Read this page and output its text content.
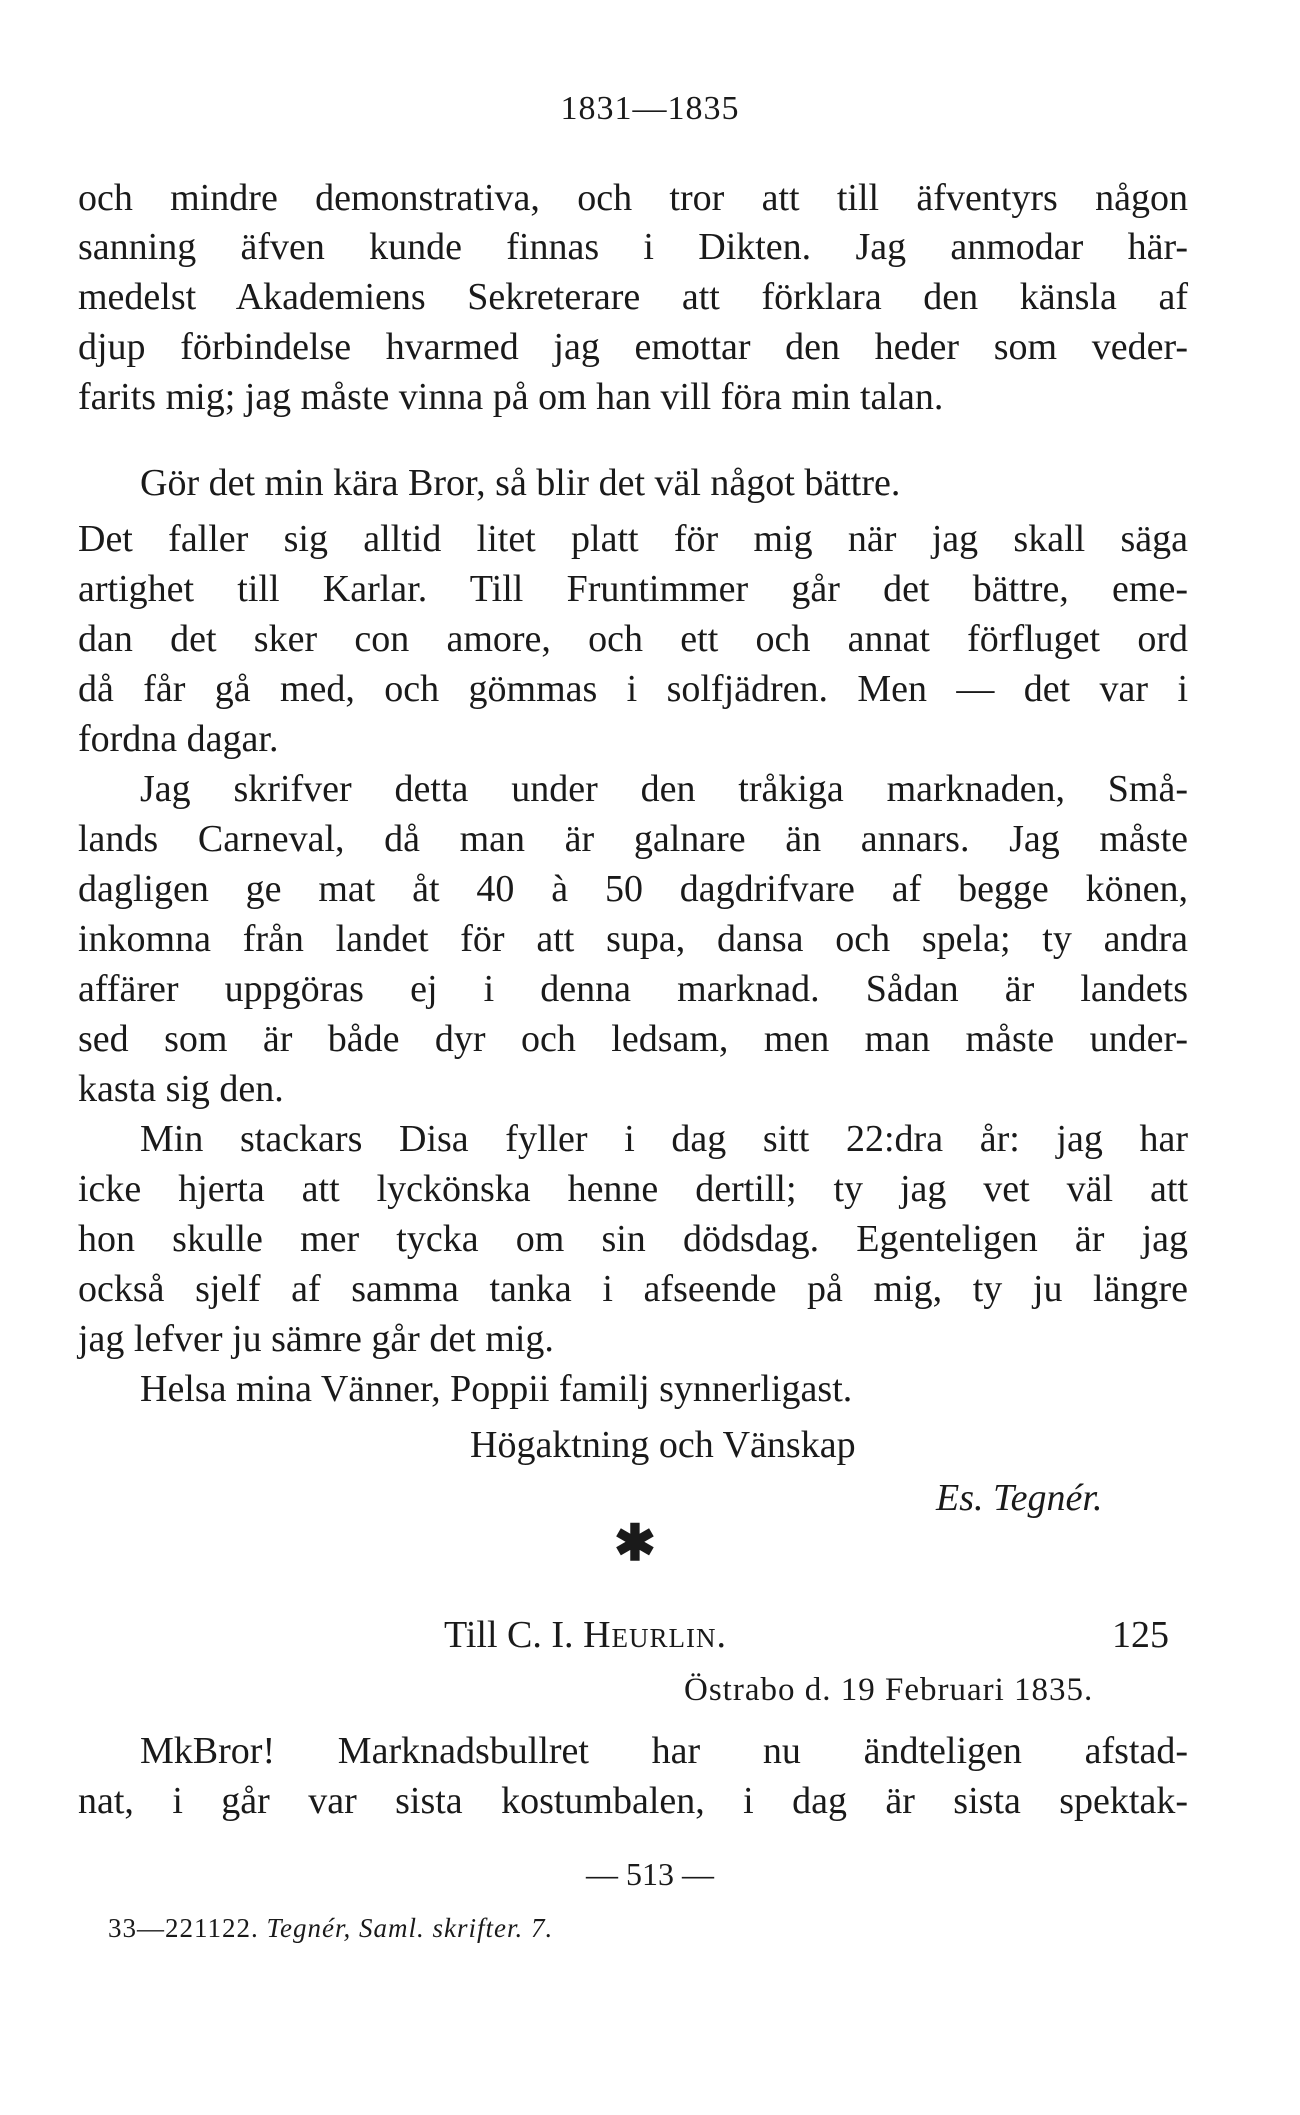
1831—1835
och mindre demonstrativa, och tror att till äfventyrs någon
sanning äfven kunde finnas i Dikten. Jag anmodar här-
medelst Akademiens Sekreterare att förklara den känsla af
djup förbindelse hvarmed jag emottar den heder som veder-
farits mig; jag måste vinna på om han vill föra min talan.
Gör det min kära Bror, så blir det väl något bättre.
Det faller sig alltid litet platt för mig när jag skall säga
artighet till Karlar. Till Fruntimmer går det bättre, eme-
dan det sker con amore, och ett och annat förfluget ord
då får gå med, och gömmas i solfjädren. Men — det var i
fordna dagar.
Jag skrifver detta under den tråkiga marknaden, Små-
lands Carneval, då man är galnare än annars. Jag måste
dagligen ge mat åt 40 à 50 dagdrifvare af begge könen,
inkomna från landet för att supa, dansa och spela; ty andra
affärer uppgöras ej i denna marknad. Sådan är landets
sed som är både dyr och ledsam, men man måste under-
kasta sig den.
Min stackars Disa fyller i dag sitt 22:dra år: jag har
icke hjerta att lyckönska henne dertill; ty jag vet väl att
hon skulle mer tycka om sin dödsdag. Egenteligen är jag
också sjelf af samma tanka i afseende på mig, ty ju längre
jag lefver ju sämre går det mig.
Helsa mina Vänner, Poppii familj synnerligast.
Högaktning och Vänskap
Es. Tegnér.
✱
Till C. I. Heurlin.	125
Östrabo d. 19 Februari 1835.
MkBror! Marknadsbullret har nu ändteligen afstad-
nat, i går var sista kostumbalen, i dag är sista spektak-
— 513 —
33—221122. Tegnér, Saml. skrifter. 7.
